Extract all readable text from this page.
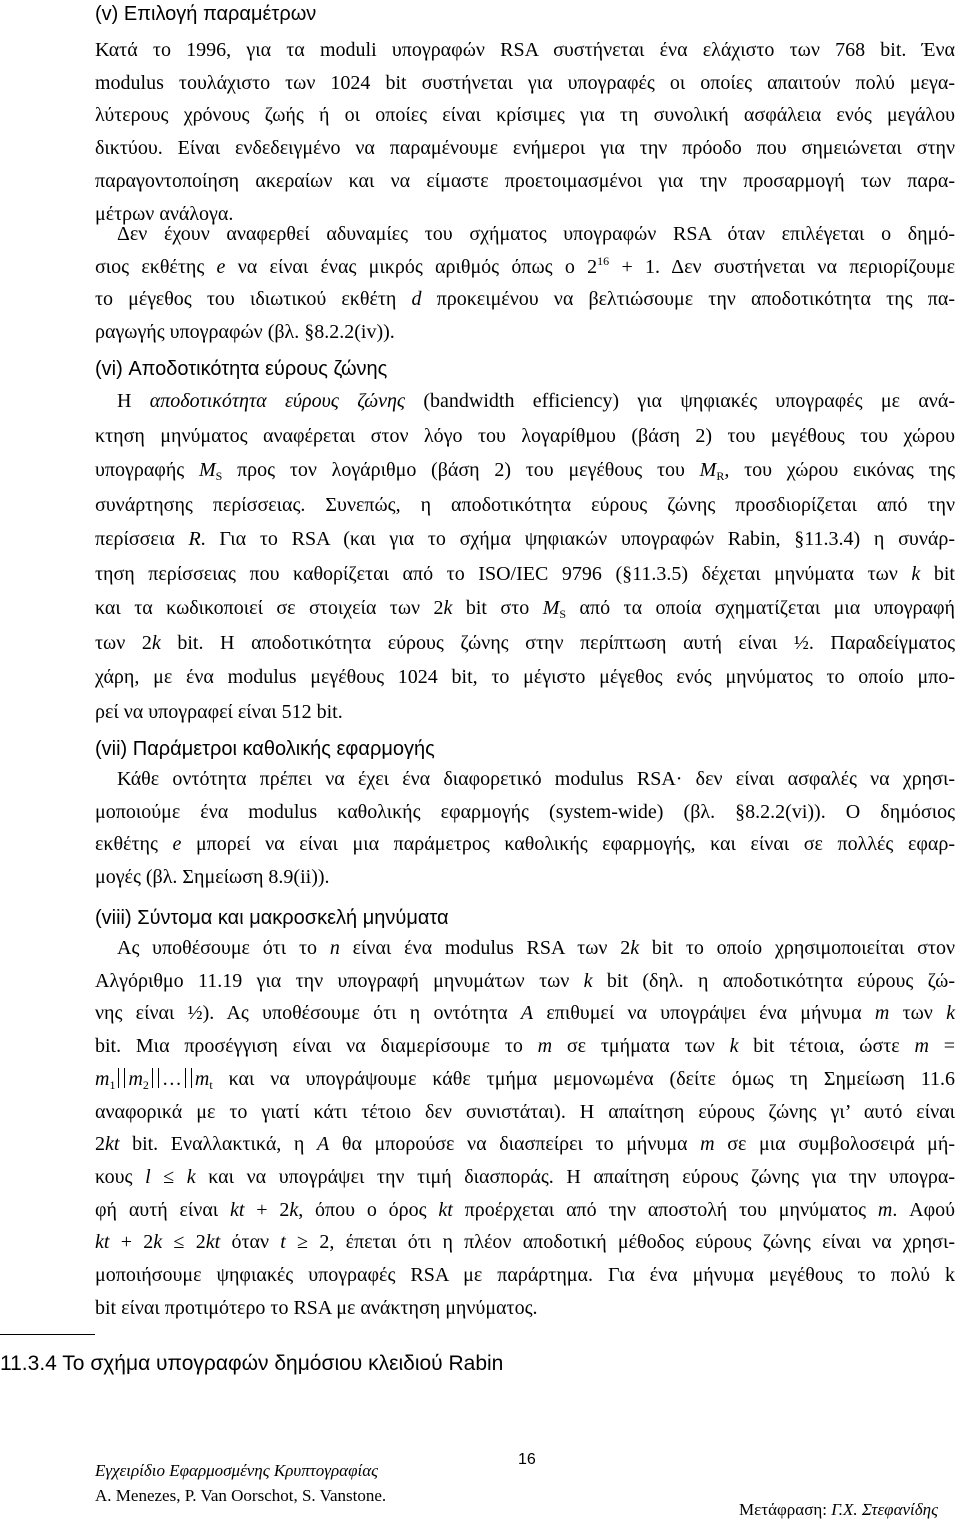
(v) Επιλογή παραμέτρων
Κατά το 1996, για τα moduli υπογραφών RSA συστήνεται ένα ελάχιστο των 768 bit. Ένα
modulus τουλάχιστο των 1024 bit συστήνεται για υπογραφές οι οποίες απαιτούν πολύ μεγα-
λύτερους χρόνους ζωής ή οι οποίες είναι κρίσιμες για τη συνολική ασφάλεια ενός μεγάλου
δικτύου. Είναι ενδεδειγμένο να παραμένουμε ενήμεροι για την πρόοδο που σημειώνεται στην
παραγοντοποίηση ακεραίων και να είμαστε προετοιμασμένοι για την προσαρμογή των παρα-
μέτρων ανάλογα.
Δεν έχουν αναφερθεί αδυναμίες του σχήματος υπογραφών RSA όταν επιλέγεται ο δημό-
σιος εκθέτης e να είναι ένας μικρός αριθμός όπως ο $2^{16} + 1$. Δεν συστήνεται να περιορίζουμε
το μέγεθος του ιδιωτικού εκθέτη d προκειμένου να βελτιώσουμε την αποδοτικότητα της πα-
ραγωγής υπογραφών (βλ. §8.2.2(iv)).
(vi) Αποδοτικότητα εύρους ζώνης
Η αποδοτικότητα εύρους ζώνης (bandwidth efficiency) για ψηφιακές υπογραφές με ανά-
κτηση μηνύματος αναφέρεται στον λόγο του λογαρίθμου (βάση 2) του μεγέθους του χώρου
υπογραφής $M_S$ προς τον λογάριθμο (βάση 2) του μεγέθους του $M_R$, του χώρου εικόνας της
συνάρτησης περίσσειας. Συνεπώς, η αποδοτικότητα εύρους ζώνης προσδιορίζεται από την
περίσσεια R. Για το RSA (και για το σχήμα ψηφιακών υπογραφών Rabin, §11.3.4) η συνάρ-
τηση περίσσειας που καθορίζεται από το ISO/IEC 9796 (§11.3.5) δέχεται μηνύματα των k bit
και τα κωδικοποιεί σε στοιχεία των 2k bit στο $M_S$ από τα οποία σχηματίζεται μια υπογραφή
των 2k bit. Η αποδοτικότητα εύρους ζώνης στην περίπτωση αυτή είναι ½. Παραδείγματος
χάρη, με ένα modulus μεγέθους 1024 bit, το μέγιστο μέγεθος ενός μηνύματος το οποίο μπο-
ρεί να υπογραφεί είναι 512 bit.
(vii) Παράμετροι καθολικής εφαρμογής
Κάθε οντότητα πρέπει να έχει ένα διαφορετικό modulus RSA· δεν είναι ασφαλές να χρησι-
μοποιούμε ένα modulus καθολικής εφαρμογής (system-wide) (βλ. §8.2.2(vi)). Ο δημόσιος
εκθέτης e μπορεί να είναι μια παράμετρος καθολικής εφαρμογής, και είναι σε πολλές εφαρ-
μογές (βλ. Σημείωση 8.9(ii)).
(viii) Σύντομα και μακροσκελή μηνύματα
Ας υποθέσουμε ότι το n είναι ένα modulus RSA των 2k bit το οποίο χρησιμοποιείται στον
Αλγόριθμο 11.19 για την υπογραφή μηνυμάτων των k bit (δηλ. η αποδοτικότητα εύρους ζώ-
νης είναι ½). Ας υποθέσουμε ότι η οντότητα A επιθυμεί να υπογράψει ένα μήνυμα m των k
bit. Μια προσέγγιση είναι να διαμερίσουμε το m σε τμήματα των k bit τέτοια, ώστε m =
$m_1$ $m_2$ … $m_t$ και να υπογράψουμε κάθε τμήμα μεμονωμένα (δείτε όμως τη Σημείωση 11.6
αναφορικά με το γιατί κάτι τέτοιο δεν συνιστάται). Η απαίτηση εύρους ζώνης γι’ αυτό είναι
2kt bit. Εναλλακτικά, η A θα μπορούσε να διασπείρει το μήνυμα m σε μια συμβολοσειρά μή-
κους l ≤ k και να υπογράψει την τιμή διασποράς. Η απαίτηση εύρους ζώνης για την υπογρα-
φή αυτή είναι kt + 2k, όπου ο όρος kt προέρχεται από την αποστολή του μηνύματος m. Αφού
kt + 2k ≤ 2kt όταν t ≥ 2, έπεται ότι η πλέον αποδοτική μέθοδος εύρους ζώνης είναι να χρησι-
μοποιήσουμε ψηφιακές υπογραφές RSA με παράρτημα. Για ένα μήνυμα μεγέθους το πολύ k
bit είναι προτιμότερο το RSA με ανάκτηση μηνύματος.
11.3.4 Το σχήμα υπογραφών δημόσιου κλειδιού Rabin
Εγχειρίδιο Εφαρμοσμένης Κρυπτογραφίας
16
A. Menezes, P. Van Oorschot, S. Vanstone.
Μετάφραση: Γ.Χ. Στεφανίδης
